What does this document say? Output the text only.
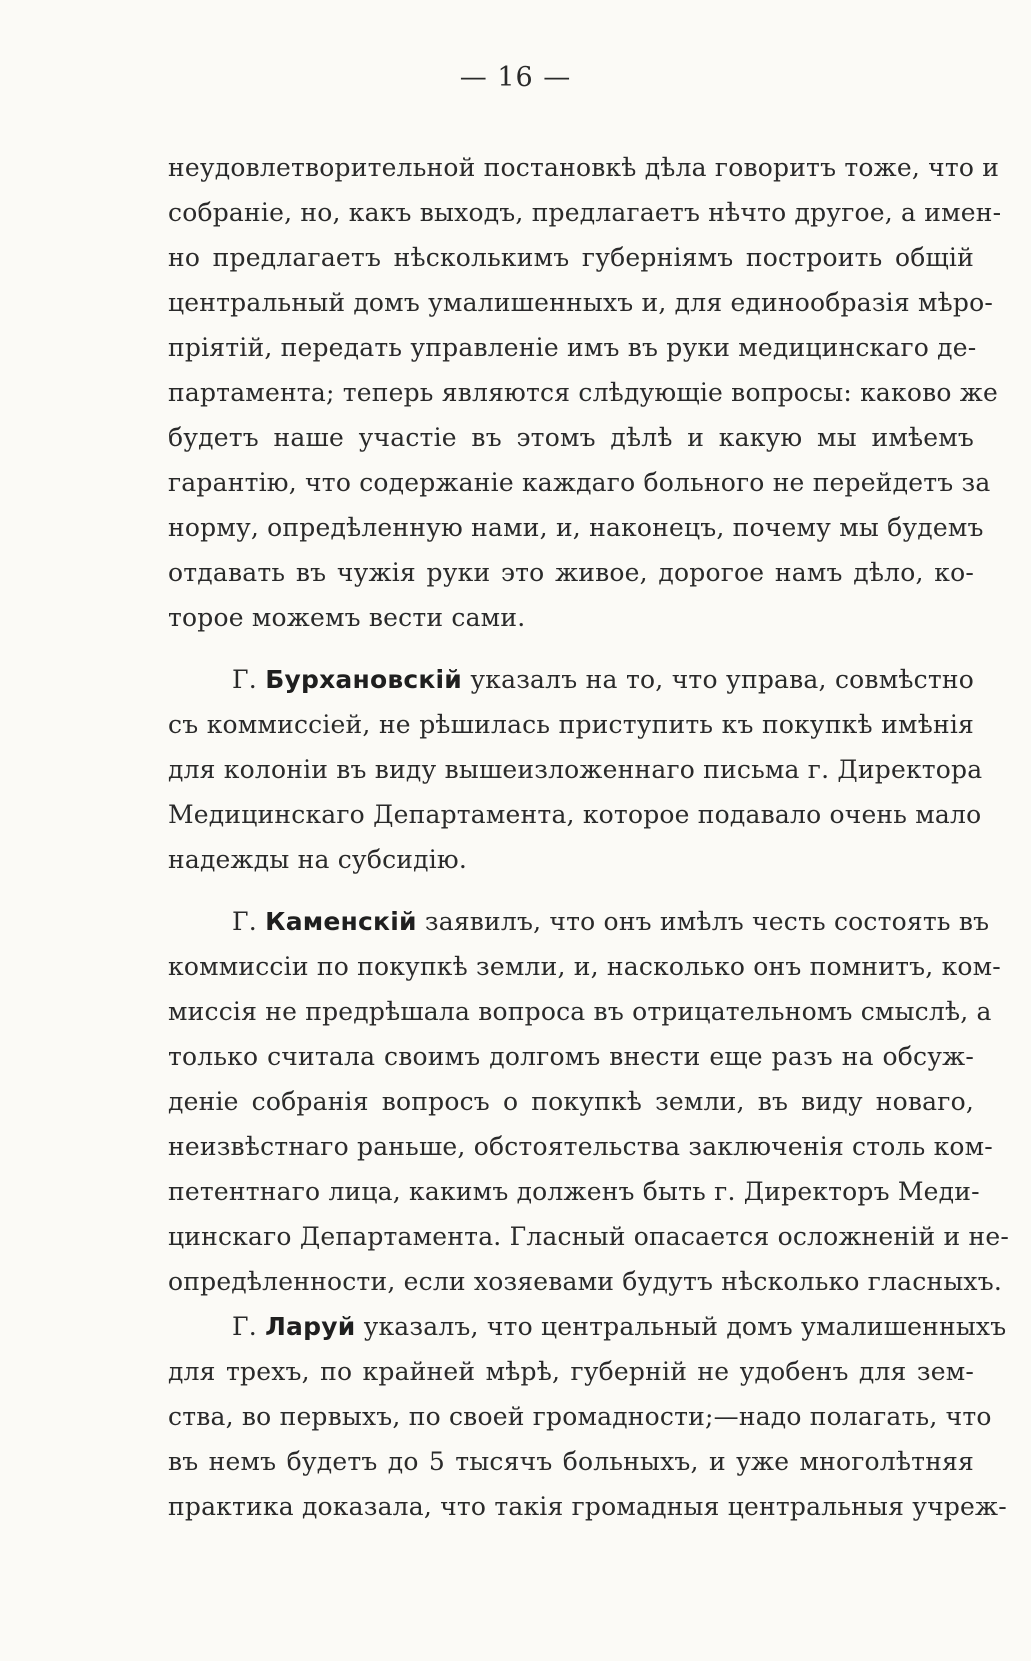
— 16 —
неудовлетворительной постановкѣ дѣла говоритъ тоже, что и
собраніе, но, какъ выходъ, предлагаетъ нѣчто другое, а имен-
но предлагаетъ нѣсколькимъ губерніямъ построить общій
центральный домъ умалишенныхъ и, для единообразія мѣро-
пріятій, передать управленіе имъ въ руки медицинскаго де-
партамента; теперь являются слѣдующіе вопросы: каково же
будетъ наше участіе въ этомъ дѣлѣ и какую мы имѣемъ
гарантію, что содержаніе каждаго больного не перейдетъ за
норму, опредѣленную нами, и, наконецъ, почему мы будемъ
отдавать въ чужія руки это живое, дорогое намъ дѣло, ко-
торое можемъ вести сами.
Г. Бурхановскій указалъ на то, что управа, совмѣстно
съ коммиссіей, не рѣшилась приступить къ покупкѣ имѣнія
для колоніи въ виду вышеизложеннаго письма г. Директора
Медицинскаго Департамента, которое подавало очень мало
надежды на субсидію.
Г. Каменскій заявилъ, что онъ имѣлъ честь состоять въ
коммиссіи по покупкѣ земли, и, насколько онъ помнитъ, ком-
миссія не предрѣшала вопроса въ отрицательномъ смыслѣ, а
только считала своимъ долгомъ внести еще разъ на обсуж-
деніе собранія вопросъ о покупкѣ земли, въ виду новаго,
неизвѣстнаго раньше, обстоятельства заключенія столь ком-
петентнаго лица, какимъ долженъ быть г. Директоръ Меди-
цинскаго Департамента. Гласный опасается осложненій и не-
опредѣленности, если хозяевами будутъ нѣсколько гласныхъ.
Г. Ларуй указалъ, что центральный домъ умалишенныхъ
для трехъ, по крайней мѣрѣ, губерній не удобенъ для зем-
ства, во первыхъ, по своей громадности;—надо полагать, что
въ немъ будетъ до 5 тысячъ больныхъ, и уже многолѣтняя
практика доказала, что такія громадныя центральныя учреж-
